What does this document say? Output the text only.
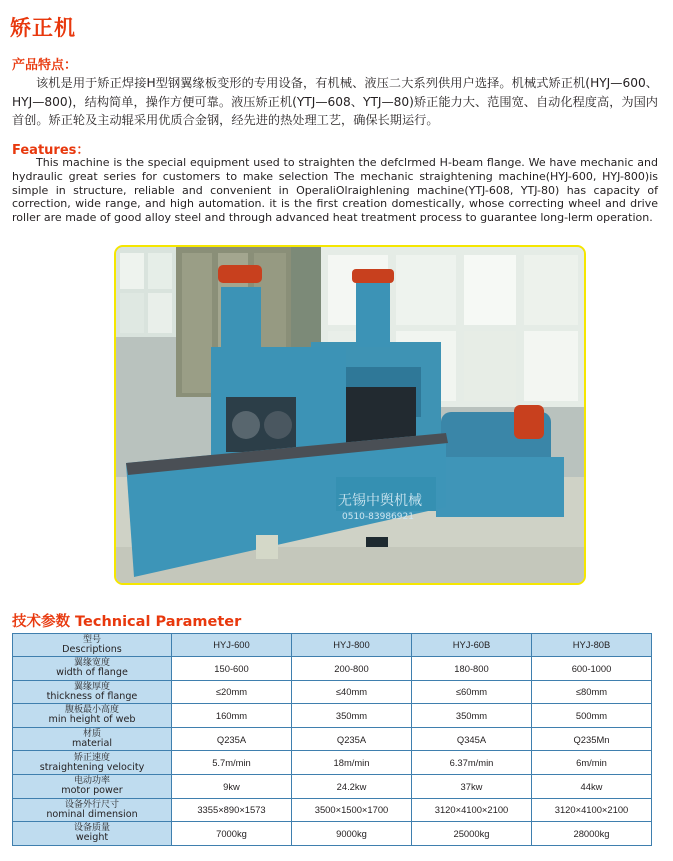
矫正机
产品特点：
该机是用于矫正焊接H型钢翼缘板变形的专用设备，有机械、液压二大系列供用户选择。机械式矫正机(HYJ—600、HYJ—800)，结构简单，操作方便可靠。液压矫正机(YTJ—608、YTJ—80)矫正能力大、范围宽、自动化程度高，为国内首创。矫正轮及主动辊采用优质合金钢，经先进的热处理工艺，确保长期运行。
Features：
This machine is the special equipment used to straighten the defclrmed H-beam flange. We have mechanic and hydraulic great series for customers to make selection The mechanic straightening machine(HYJ-600, HYJ-800)is simple in structure, reliable and convenient in OperaliOlraighlening machine(YTJ-608, YTJ-80) has capacity of correction, wide range, and high automation. it is the first creation domestically, whose correcting wheel and drive roller are made of good alloy steel and through advanced heat treatment process to guarantee long-lerm operation.
无锡中舆机械
0510-83986921
技术参数 Technical Parameter
型号
Descriptions	HYJ-600	HYJ-800	HYJ-60B	HYJ-80B

翼缘宽度
width of flange	150-600	200-800	180-800	600-1000

翼缘厚度
thickness of flange	≤20mm	≤40mm	≤60mm	≤80mm

腹板最小高度
min height of web	160mm	350mm	350mm	500mm

材质
material	Q235A	Q235A	Q345A	Q235Mn

矫正速度
straightening velocity	5.7m/min	18m/min	6.37m/min	6m/min

电动功率
motor power	9kw	24.2kw	37kw	44kw

设备外行尺寸
nominal dimension	3355×890×1573	3500×1500×1700	3120×4100×2100	3120×4100×2100

设备质量
weight	7000kg	9000kg	25000kg	28000kg
